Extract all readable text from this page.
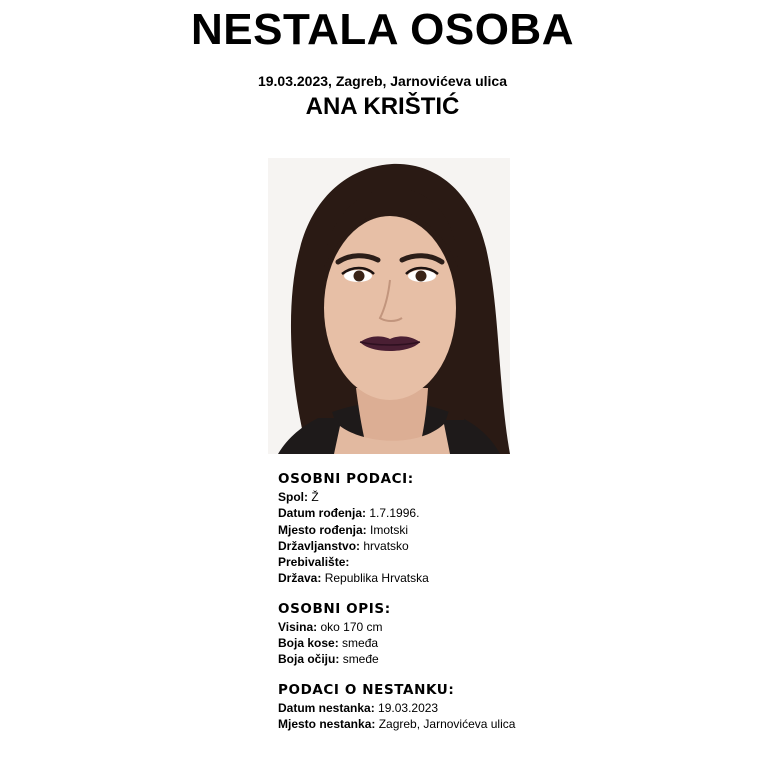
NESTALA OSOBA
19.03.2023, Zagreb, Jarnovićeva ulica
ANA KRIŠTIĆ
OSOBNI PODACI:
Spol: Ž
Datum rođenja: 1.7.1996.
Mjesto rođenja: Imotski
Državljanstvo: hrvatsko
Prebivalište:
Država: Republika Hrvatska
OSOBNI OPIS:
Visina: oko 170 cm
Boja kose: smeđa
Boja očiju: smeđe
PODACI O NESTANKU:
Datum nestanka: 19.03.2023
Mjesto nestanka: Zagreb, Jarnovićeva ulica
